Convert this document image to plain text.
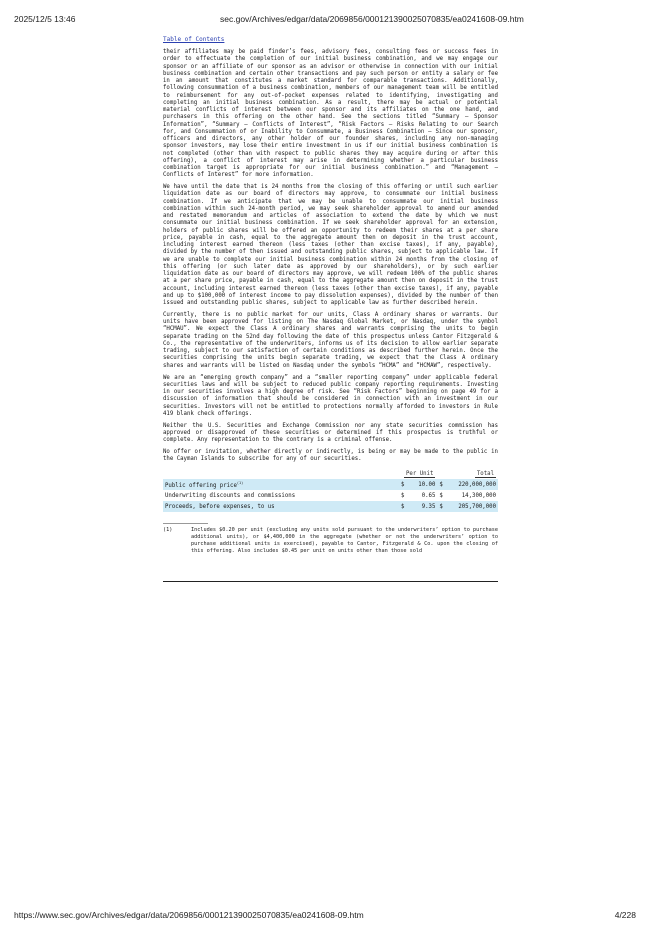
2025/12/5 13:46	sec.gov/Archives/edgar/data/2069856/000121390025070835/ea0241608-09.htm
Table of Contents

their affiliates may be paid finder’s fees, advisory fees, consulting fees or success fees in order to effectuate the completion of our initial business combination, and we may engage our sponsor or an affiliate of our sponsor as an advisor or otherwise in connection with our initial business combination and certain other transactions and pay such person or entity a salary or fee in an amount that constitutes a market standard for comparable transactions. Additionally, following consummation of a business combination, members of our management team will be entitled to reimbursement for any out-of-pocket expenses related to identifying, investigating and completing an initial business combination. As a result, there may be actual or potential material conflicts of interest between our sponsor and its affiliates on the one hand, and purchasers in this offering on the other hand. See the sections titled “Summary — Sponsor Information”, “Summary — Conflicts of Interest”, “Risk Factors — Risks Relating to our Search for, and Consummation of or Inability to Consummate, a Business Combination — Since our sponsor, officers and directors, any other holder of our founder shares, including any non-managing sponsor investors, may lose their entire investment in us if our initial business combination is not completed (other than with respect to public shares they may acquire during or after this offering), a conflict of interest may arise in determining whether a particular business combination target is appropriate for our initial business combination.” and “Management — Conflicts of Interest” for more information.

We have until the date that is 24 months from the closing of this offering or until such earlier liquidation date as our board of directors may approve, to consummate our initial business combination. If we anticipate that we may be unable to consummate our initial business combination within such 24-month period, we may seek shareholder approval to amend our amended and restated memorandum and articles of association to extend the date by which we must consummate our initial business combination. If we seek shareholder approval for an extension, holders of public shares will be offered an opportunity to redeem their shares at a per share price, payable in cash, equal to the aggregate amount then on deposit in the trust account, including interest earned thereon (less taxes (other than excise taxes), if any, payable), divided by the number of then issued and outstanding public shares, subject to applicable law. If we are unable to complete our initial business combination within 24 months from the closing of this offering (or such later date as approved by our shareholders), or by such earlier liquidation date as our board of directors may approve, we will redeem 100% of the public shares at a per share price, payable in cash, equal to the aggregate amount then on deposit in the trust account, including interest earned thereon (less taxes (other than excise taxes), if any, payable and up to $100,000 of interest income to pay dissolution expenses), divided by the number of then issued and outstanding public shares, subject to applicable law as further described herein.

Currently, there is no public market for our units, Class A ordinary shares or warrants. Our units have been approved for listing on The Nasdaq Global Market, or Nasdaq, under the symbol “HCMAU”. We expect the Class A ordinary shares and warrants comprising the units to begin separate trading on the 52nd day following the date of this prospectus unless Cantor Fitzgerald & Co., the representative of the underwriters, informs us of its decision to allow earlier separate trading, subject to our satisfaction of certain conditions as described further herein. Once the securities comprising the units begin separate trading, we expect that the Class A ordinary shares and warrants will be listed on Nasdaq under the symbols “HCMA” and “HCMAW”, respectively.

We are an “emerging growth company” and a “smaller reporting company” under applicable federal securities laws and will be subject to reduced public company reporting requirements. Investing in our securities involves a high degree of risk. See “Risk Factors” beginning on page 49 for a discussion of information that should be considered in connection with an investment in our securities. Investors will not be entitled to protections normally afforded to investors in Rule 419 blank check offerings.

Neither the U.S. Securities and Exchange Commission nor any state securities commission has approved or disapproved of these securities or determined if this prospectus is truthful or complete. Any representation to the contrary is a criminal offense.

No offer or invitation, whether directly or indirectly, is being or may be made to the public in the Cayman Islands to subscribe for any of our securities.

	Per Unit		Total	
Public offering price$^{(1)}$	$	10.00	$	220,000,000
Underwriting discounts and commissions	$	0.65	$	14,300,000
Proceeds, before expenses, to us	$	9.35	$	205,700,000
(1)	Includes $0.20 per unit (excluding any units sold pursuant to the underwriters’ option to purchase additional units), or $4,400,000 in the aggregate (whether or not the underwriters’ option to purchase additional units is exercised), payable to Cantor, Fitzgerald & Co. upon the closing of this offering. Also includes $0.45 per unit on units other than those sold
https://www.sec.gov/Archives/edgar/data/2069856/000121390025070835/ea0241608-09.htm	4/228
